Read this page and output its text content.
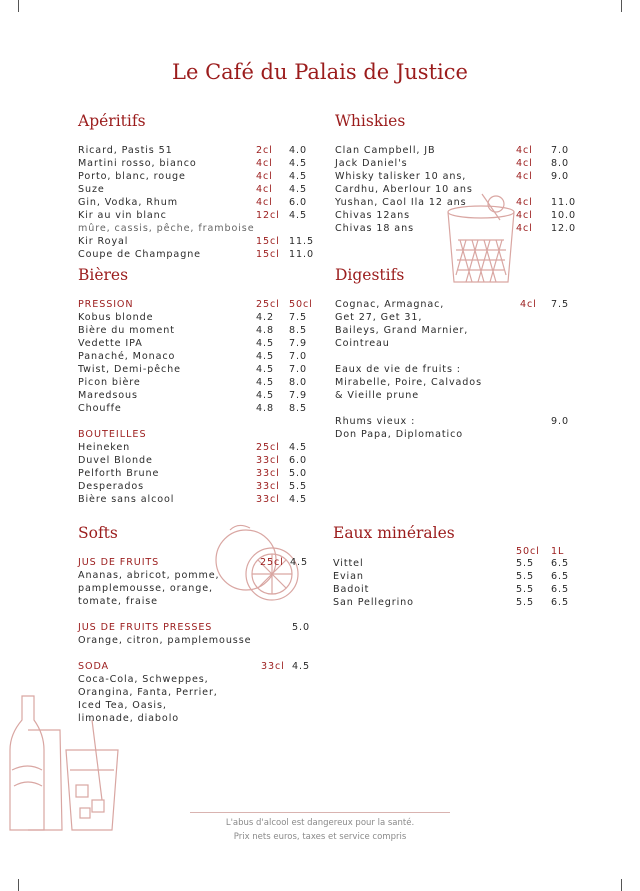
Le Café du Palais de Justice
Apéritifs
Ricard, Pastis 51	2cl 4.0
Martini rosso, bianco	4cl 4.5
Porto, blanc, rouge	4cl 4.5
Suze	4cl 4.5
Gin, Vodka, Rhum	4cl 6.0
Kir au vin blanc	12cl 4.5
mûre, cassis, pêche, framboise
Kir Royal	15cl 11.5
Coupe de Champagne	15cl 11.0
Bières
PRESSION	25cl 50cl
Kobus blonde	4.2 7.5
Bière du moment	4.8 8.5
Vedette IPA	4.5 7.9
Panaché, Monaco	4.5 7.0
Twist, Demi-pêche	4.5 7.0
Picon bière	4.5 8.0
Maredsous	4.5 7.9
Chouffe	4.8 8.5
BOUTEILLES
Heineken	25cl 4.5
Duvel Blonde	33cl 6.0
Pelforth Brune	33cl 5.0
Desperados	33cl 5.5
Bière sans alcool	33cl 4.5
Whiskies
Clan Campbell, JB	4cl 7.0
Jack Daniel's	4cl 8.0
Whisky talisker 10 ans,	4cl 9.0
Cardhu, Aberlour 10 ans
Yushan, Caol Ila 12 ans	4cl 11.0
Chivas 12ans	4cl 10.0
Chivas 18 ans	4cl 12.0
Digestifs
Cognac, Armagnac,	4cl 7.5
Get 27, Get 31,
Baileys, Grand Marnier,
Cointreau
Eaux de vie de fruits :
Mirabelle, Poire, Calvados
& Vieille prune
Rhums vieux :	9.0
Don Papa, Diplomatico
Softs
JUS DE FRUITS	25cl 4.5
Ananas, abricot, pomme,
pamplemousse, orange,
tomate, fraise
JUS DE FRUITS PRESSES	5.0
Orange, citron, pamplemousse
SODA	33cl 4.5
Coca-Cola, Schweppes,
Orangina, Fanta, Perrier,
Iced Tea, Oasis,
limonade, diabolo
Eaux minérales
50cl 1L
Vittel	5.5 6.5
Evian	5.5 6.5
Badoit	5.5 6.5
San Pellegrino	5.5 6.5
L'abus d'alcool est dangereux pour la santé.
Prix nets euros, taxes et service compris
